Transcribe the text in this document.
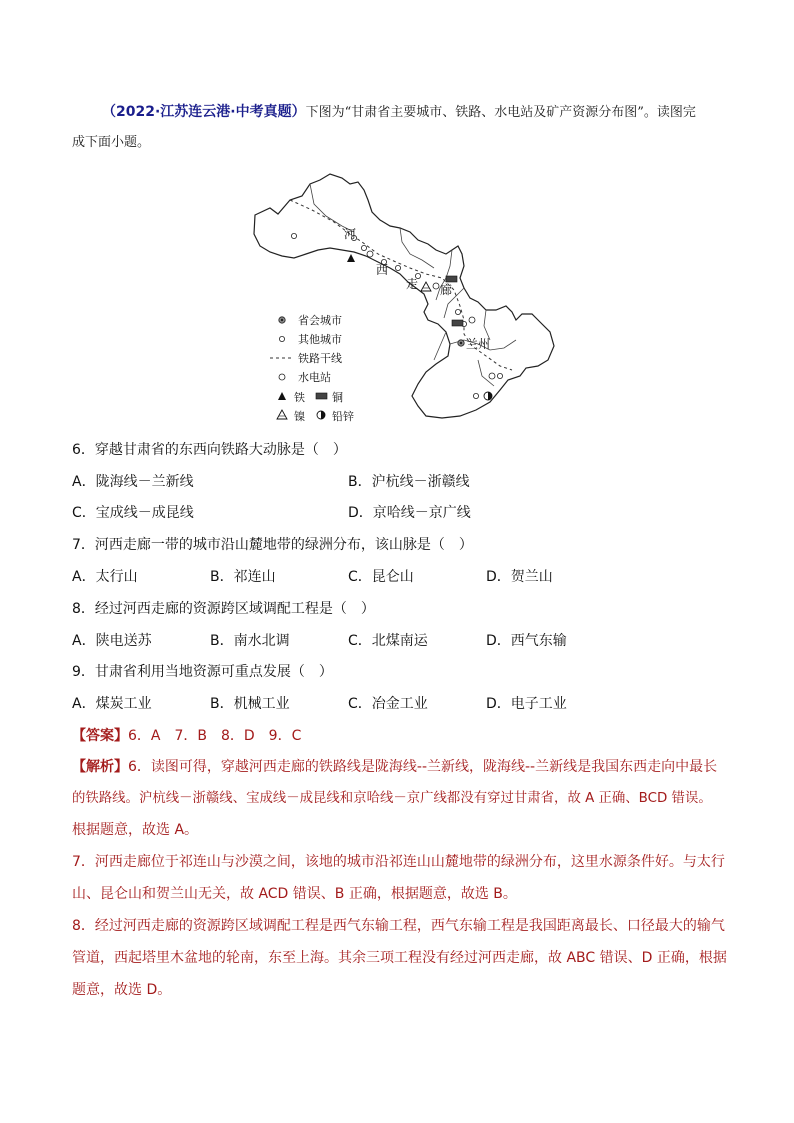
（2022·江苏连云港·中考真题）下图为“甘肃省主要城市、铁路、水电站及矿产资源分布图”。读图完
成下面小题。
河
西
走 廊
兰州
省会城市
其他城市
铁路干线
水电站
铁 铜
镍 铅锌
6．穿越甘肃省的东西向铁路大动脉是（　）
A．陇海线－兰新线	B．沪杭线－浙赣线
C．宝成线－成昆线	D．京哈线－京广线
7．河西走廊一带的城市沿山麓地带的绿洲分布，该山脉是（　）
A．太行山	B．祁连山	C．昆仑山	D．贺兰山
8．经过河西走廊的资源跨区域调配工程是（　）
A．陕电送苏	B．南水北调	C．北煤南运	D．西气东输
9．甘肃省利用当地资源可重点发展（　）
A．煤炭工业	B．机械工业	C．冶金工业	D．电子工业
【答案】6．A　7．B　8．D　9．C
【解析】6．读图可得，穿越河西走廊的铁路线是陇海线--兰新线，陇海线--兰新线是我国东西走向中最长
的铁路线。沪杭线－浙赣线、宝成线－成昆线和京哈线－京广线都没有穿过甘肃省，故 A 正确、BCD 错误。
根据题意，故选 A。
7．河西走廊位于祁连山与沙漠之间，该地的城市沿祁连山山麓地带的绿洲分布，这里水源条件好。与太行
山、昆仑山和贺兰山无关，故 ACD 错误、B 正确，根据题意，故选 B。
8．经过河西走廊的资源跨区域调配工程是西气东输工程，西气东输工程是我国距离最长、口径最大的输气
管道，西起塔里木盆地的轮南，东至上海。其余三项工程没有经过河西走廊，故 ABC 错误、D 正确，根据
题意，故选 D。
